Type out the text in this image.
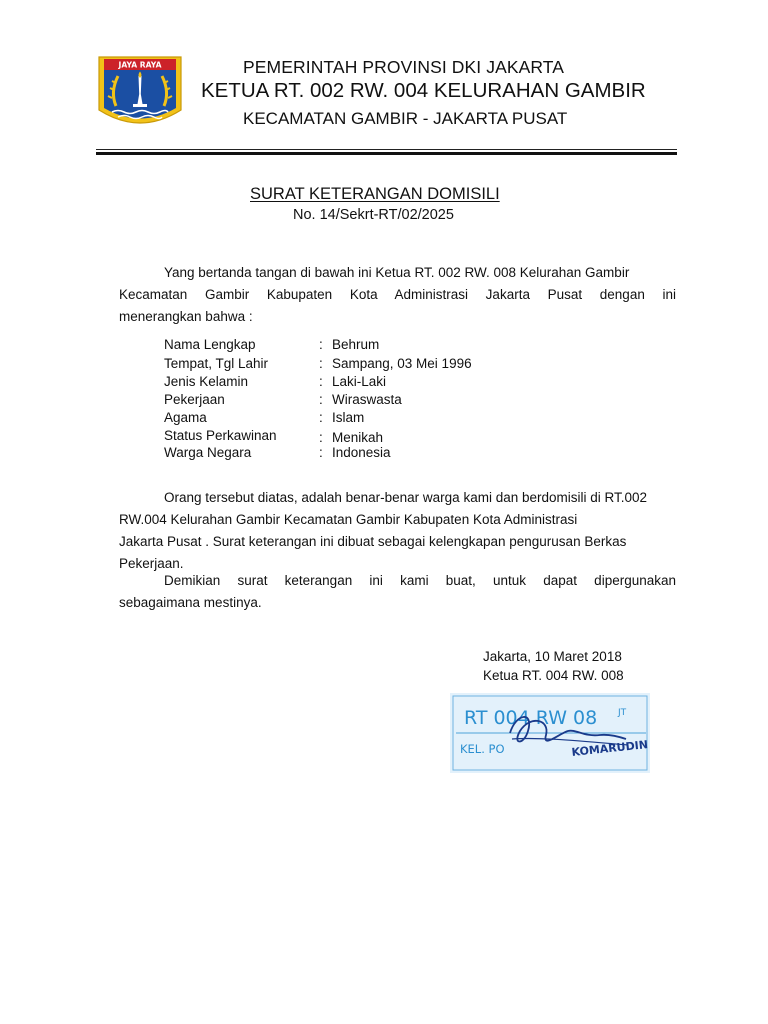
JAYA RAYA	PEMERINTAH PROVINSI DKI JAKARTA
KETUA RT. 002 RW. 004 KELURAHAN GAMBIR
KECAMATAN GAMBIR - JAKARTA PUSAT
SURAT KETERANGAN DOMISILI
No. 14/Sekrt-RT/02/2025

Yang bertanda tangan di bawah ini Ketua RT. 002 RW. 008 Kelurahan Gambir

Kecamatan Gambir Kabupaten Kota Administrasi Jakarta Pusat dengan ini

menerangkan bahwa :

Nama Lengkap	: Behrum
Tempat, Tgl Lahir	: Sampang, 03 Mei 1996
Jenis Kelamin	: Laki-Laki
Pekerjaan	: Wiraswasta
Agama	: Islam
Status Perkawinan	: Menikah
Warga Negara	: Indonesia

Orang tersebut diatas, adalah benar-benar warga kami dan berdomisili di RT.002

RW.004 Kelurahan Gambir Kecamatan Gambir Kabupaten Kota Administrasi

Jakarta Pusat . Surat keterangan ini dibuat sebagai kelengkapan pengurusan Berkas

Pekerjaan.

Demikian surat keterangan ini kami buat, untuk dapat dipergunakan

sebagaimana mestinya.

Jakarta, 10 Maret 2018
Ketua RT. 004 RW. 008
RT 004 RW 08 JT
KEL. PO	KOMARUDIN
